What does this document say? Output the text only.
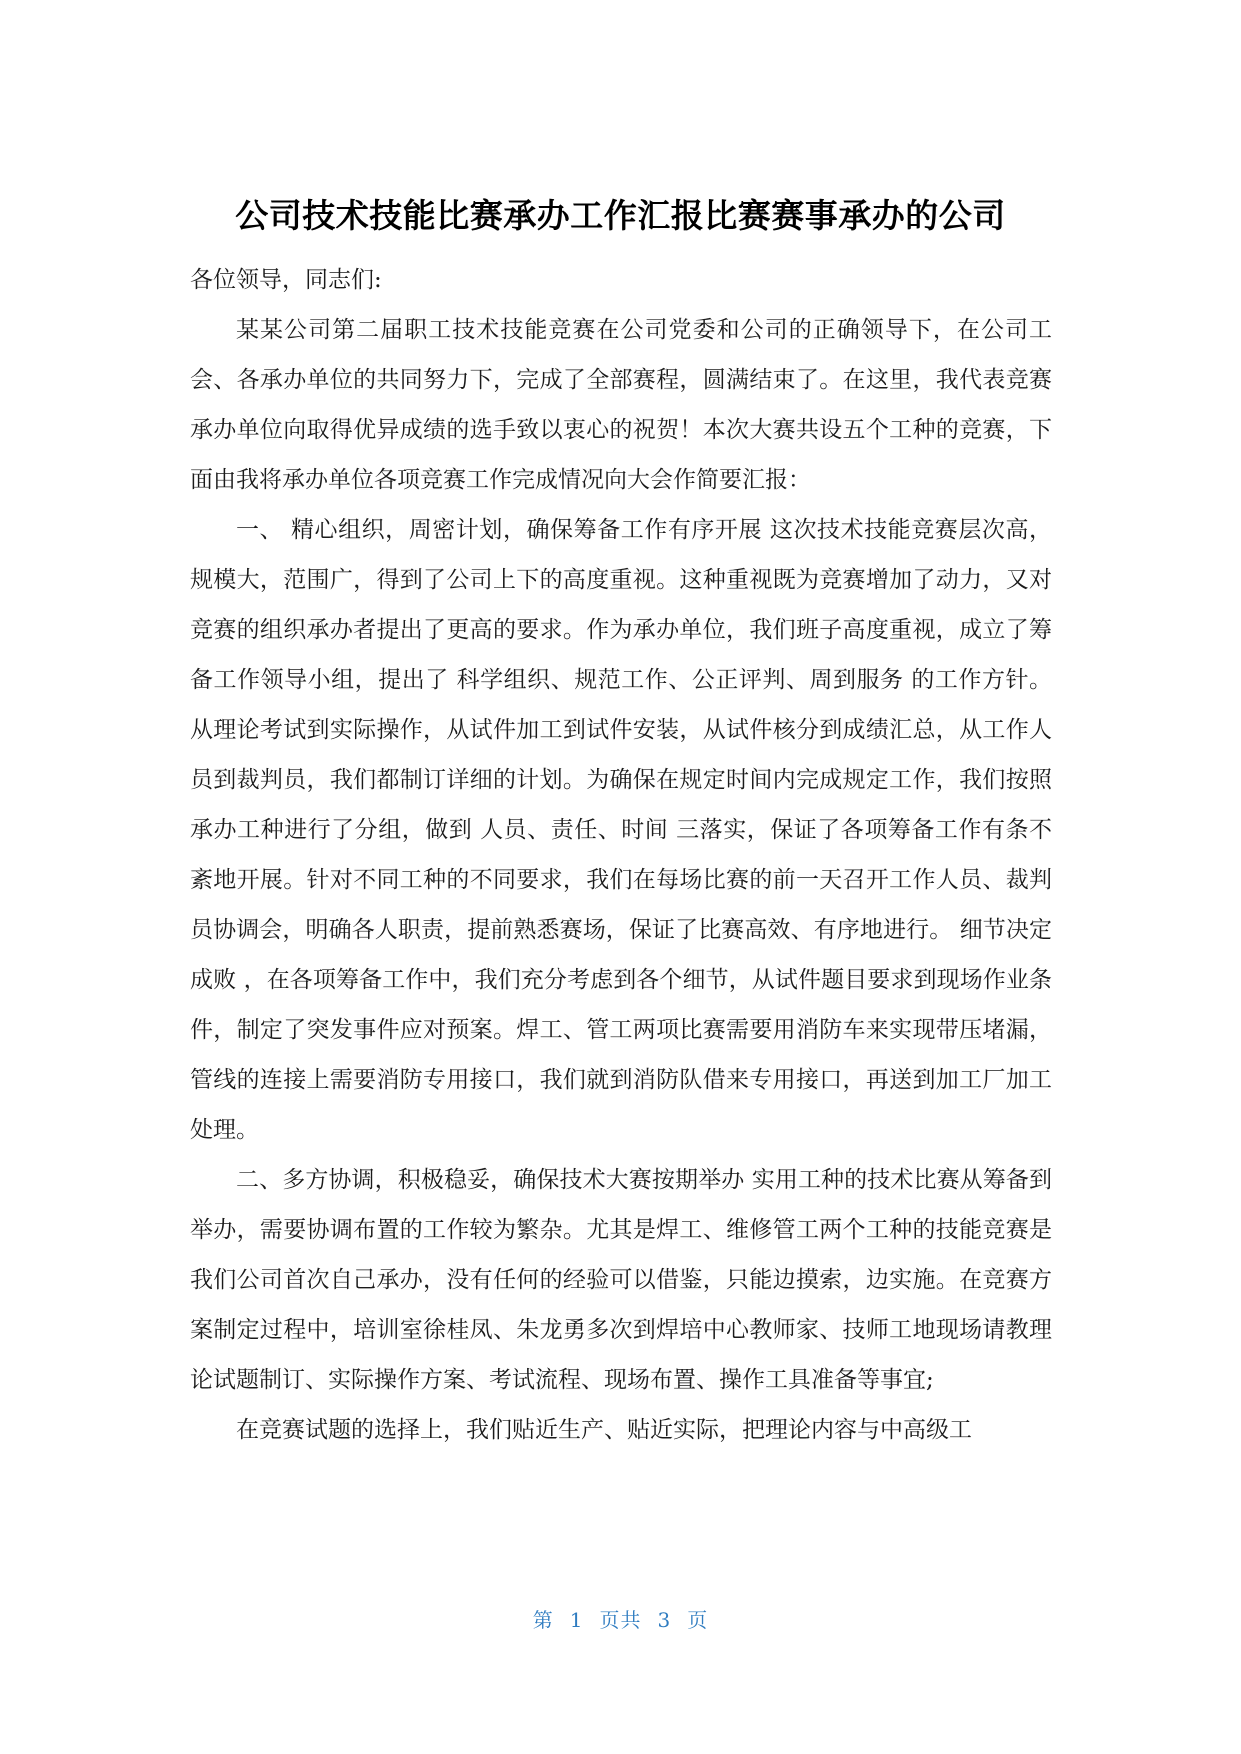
公司技术技能比赛承办工作汇报比赛赛事承办的公司

各位领导，同志们:

某某公司第二届职工技术技能竞赛在公司党委和公司的正确领导下，在公司工会、各承办单位的共同努力下，完成了全部赛程，圆满结束了。在这里，我代表竞赛承办单位向取得优异成绩的选手致以衷心的祝贺！本次大赛共设五个工种的竞赛，下面由我将承办单位各项竞赛工作完成情况向大会作简要汇报：

一、 精心组织，周密计划，确保筹备工作有序开展 这次技术技能竞赛层次高，规模大，范围广，得到了公司上下的高度重视。这种重视既为竞赛增加了动力，又对竞赛的组织承办者提出了更高的要求。作为承办单位，我们班子高度重视，成立了筹备工作领导小组，提出了 科学组织、规范工作、公正评判、周到服务 的工作方针。从理论考试到实际操作，从试件加工到试件安装，从试件核分到成绩汇总，从工作人员到裁判员，我们都制订详细的计划。为确保在规定时间内完成规定工作，我们按照承办工种进行了分组，做到 人员、责任、时间 三落实，保证了各项筹备工作有条不紊地开展。针对不同工种的不同要求，我们在每场比赛的前一天召开工作人员、裁判员协调会，明确各人职责，提前熟悉赛场，保证了比赛高效、有序地进行。 细节决定成败 ，在各项筹备工作中，我们充分考虑到各个细节，从试件题目要求到现场作业条件，制定了突发事件应对预案。焊工、管工两项比赛需要用消防车来实现带压堵漏，管线的连接上需要消防专用接口，我们就到消防队借来专用接口，再送到加工厂加工处理。

二、多方协调，积极稳妥，确保技术大赛按期举办 实用工种的技术比赛从筹备到举办，需要协调布置的工作较为繁杂。尤其是焊工、维修管工两个工种的技能竞赛是我们公司首次自己承办，没有任何的经验可以借鉴，只能边摸索，边实施。在竞赛方案制定过程中，培训室徐桂凤、朱龙勇多次到焊培中心教师家、技师工地现场请教理论试题制订、实际操作方案、考试流程、现场布置、操作工具准备等事宜;

在竞赛试题的选择上，我们贴近生产、贴近实际，把理论内容与中高级工

第 1 页共 3 页
